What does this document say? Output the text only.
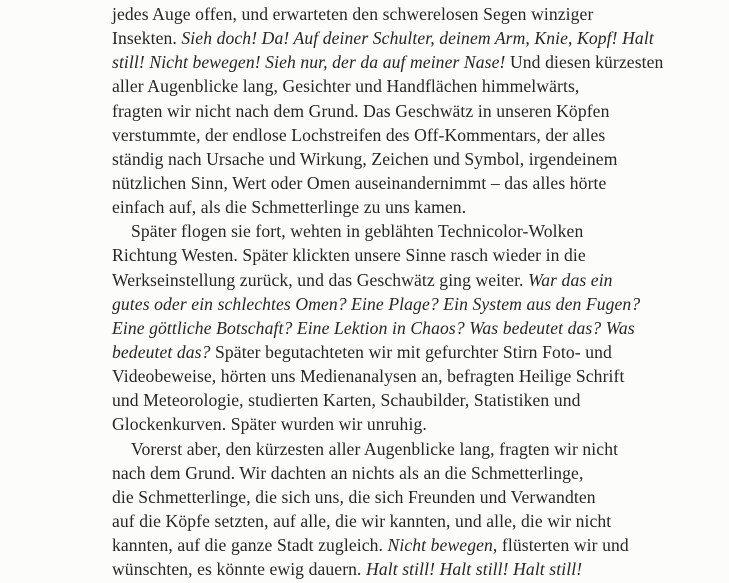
jedes Auge offen, und erwarteten den schwerelosen Segen winziger
Insekten. Sieh doch! Da! Auf deiner Schulter, deinem Arm, Knie, Kopf! Halt
still! Nicht bewegen! Sieh nur, der da auf meiner Nase! Und diesen kürzesten
aller Augenblicke lang, Gesichter und Handflächen himmelwärts,
fragten wir nicht nach dem Grund. Das Geschwätz in unseren Köpfen
verstummte, der endlose Lochstreifen des Off-Kommentars, der alles
ständig nach Ursache und Wirkung, Zeichen und Symbol, irgendeinem
nützlichen Sinn, Wert oder Omen auseinandernimmt – das alles hörte
einfach auf, als die Schmetterlinge zu uns kamen.
Später flogen sie fort, wehten in geblähten Technicolor-Wolken
Richtung Westen. Später klickten unsere Sinne rasch wieder in die
Werkseinstellung zurück, und das Geschwätz ging weiter. War das ein
gutes oder ein schlechtes Omen? Eine Plage? Ein System aus den Fugen?
Eine göttliche Botschaft? Eine Lektion in Chaos? Was bedeutet das? Was
bedeutet das? Später begutachteten wir mit gefurchter Stirn Foto- und
Videobeweise, hörten uns Medienanalysen an, befragten Heilige Schrift
und Meteorologie, studierten Karten, Schaubilder, Statistiken und
Glockenkurven. Später wurden wir unruhig.
Vorerst aber, den kürzesten aller Augenblicke lang, fragten wir nicht
nach dem Grund. Wir dachten an nichts als an die Schmetterlinge,
die Schmetterlinge, die sich uns, die sich Freunden und Verwandten
auf die Köpfe setzten, auf alle, die wir kannten, und alle, die wir nicht
kannten, auf die ganze Stadt zugleich. Nicht bewegen, flüsterten wir und
wünschten, es könnte ewig dauern. Halt still! Halt still! Halt still!
